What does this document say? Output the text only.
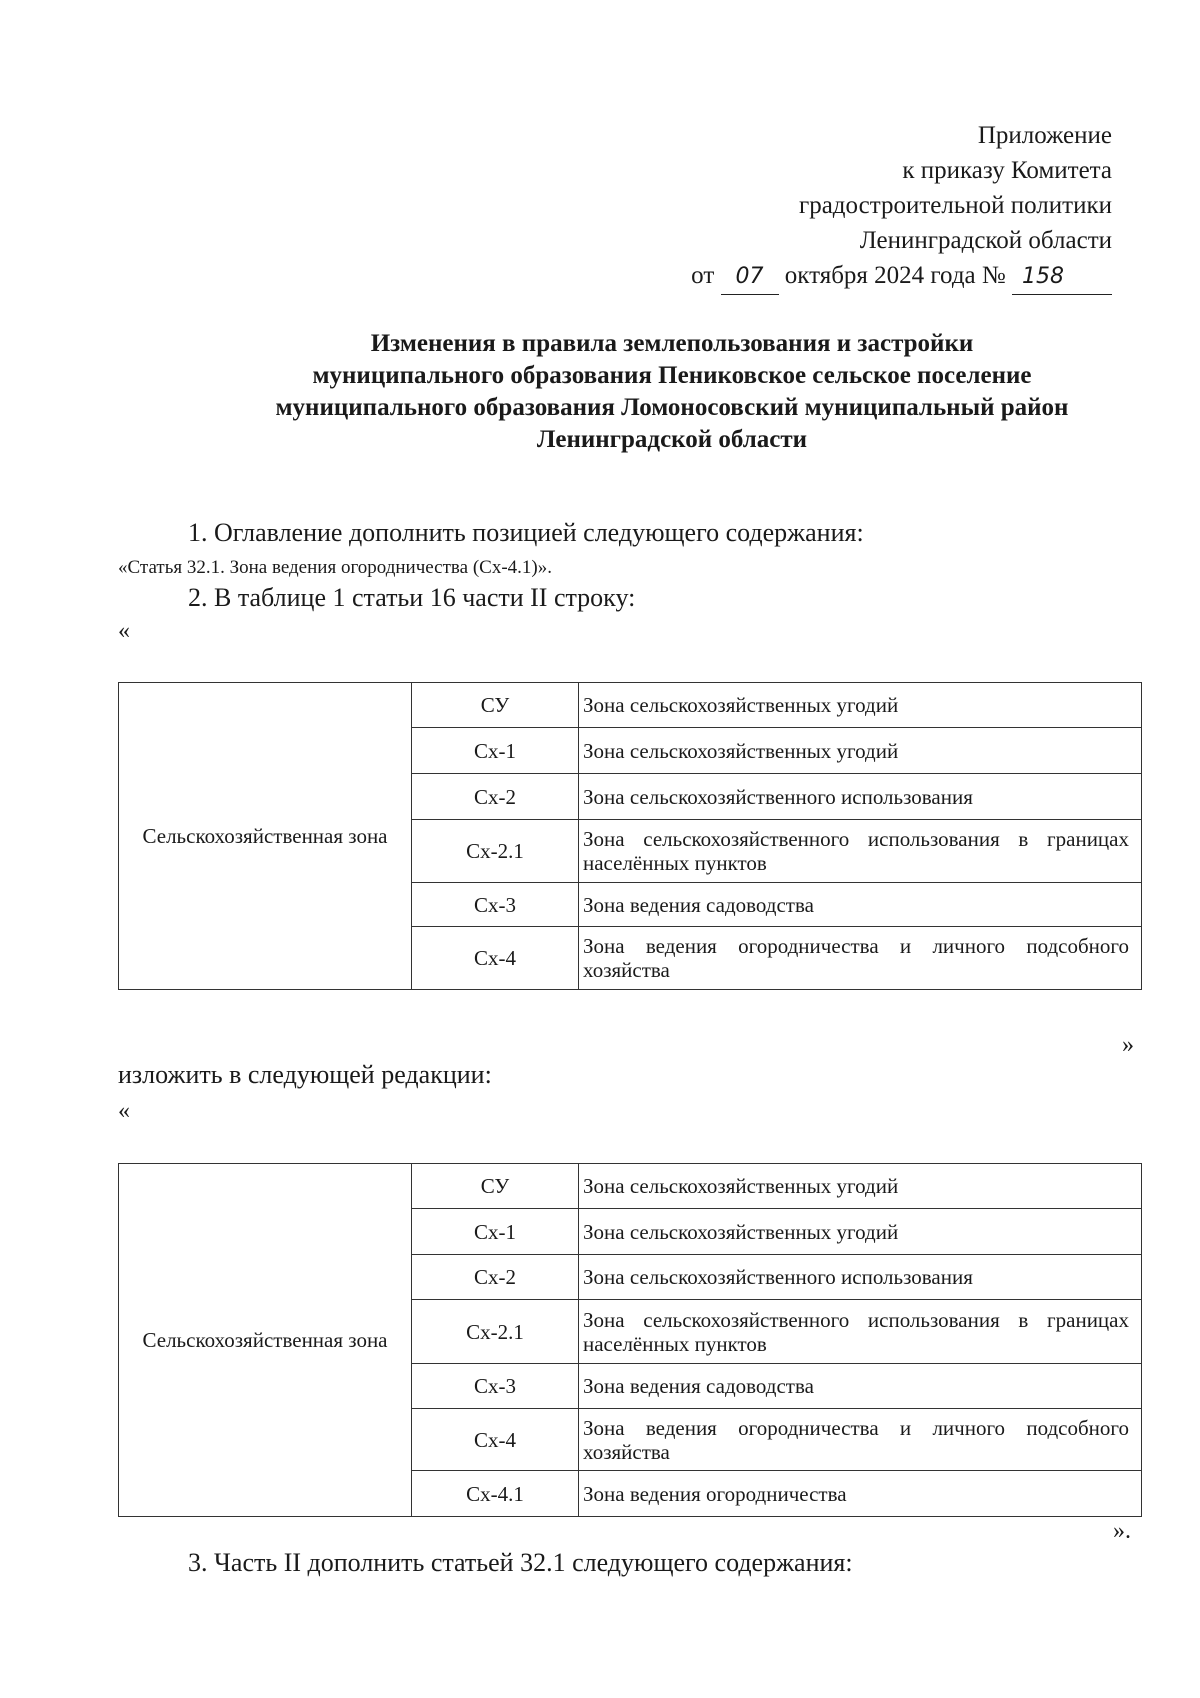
Приложение
к приказу Комитета
градостроительной политики
Ленинградской области
от 07 октября 2024 года № 158
Изменения в правила землепользования и застройки
муниципального образования Пениковское сельское поселение
муниципального образования Ломоносовский муниципальный район
Ленинградской области
1. Оглавление дополнить позицией следующего содержания:
«Статья 32.1. Зона ведения огородничества (Сх-4.1)».
2. В таблице 1 статьи 16 части II строку:
«
Сельскохозяйственная зона	СУ	Зона сельскохозяйственных угодий
	Сх-1	Зона сельскохозяйственных угодий
	Сх-2	Зона сельскохозяйственного использования
	Сх-2.1	Зона сельскохозяйственного использования в границах населённых пунктов
	Сх-3	Зона ведения садоводства
	Сх-4	Зона ведения огородничества и личного подсобного хозяйства
»
изложить в следующей редакции:
«
Сельскохозяйственная зона	СУ	Зона сельскохозяйственных угодий
	Сх-1	Зона сельскохозяйственных угодий
	Сх-2	Зона сельскохозяйственного использования
	Сх-2.1	Зона сельскохозяйственного использования в границах населённых пунктов
	Сх-3	Зона ведения садоводства
	Сх-4	Зона ведения огородничества и личного подсобного хозяйства
	Сх-4.1	Зона ведения огородничества
».
3. Часть II дополнить статьей 32.1 следующего содержания:
